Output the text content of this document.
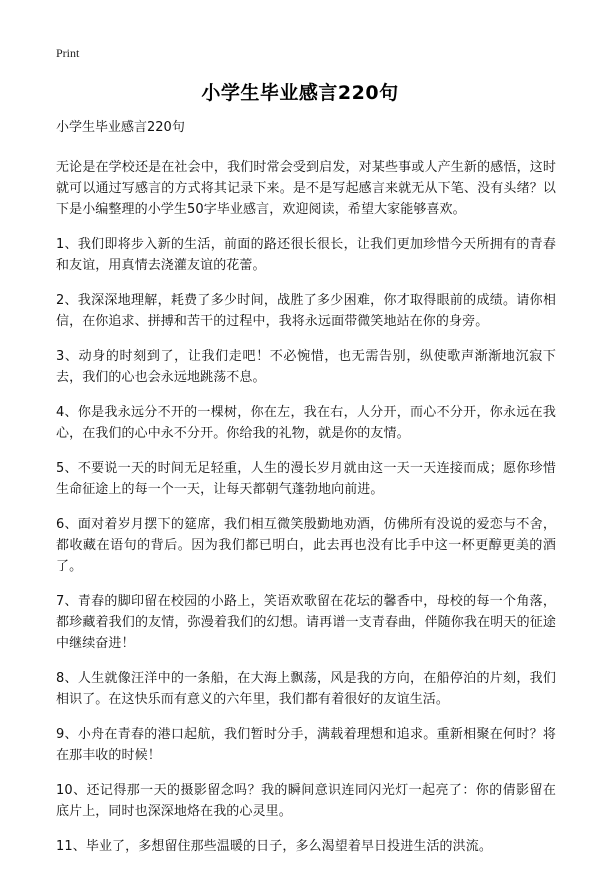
Print
小学生毕业感言220句

小学生毕业感言220句

无论是在学校还是在社会中，我们时常会受到启发，对某些事或人产生新的感悟，这时就可以通过写感言的方式将其记录下来。是不是写起感言来就无从下笔、没有头绪？以下是小编整理的小学生50字毕业感言，欢迎阅读，希望大家能够喜欢。

1、我们即将步入新的生活，前面的路还很长很长，让我们更加珍惜今天所拥有的青春和友谊，用真情去浇灌友谊的花蕾。

2、我深深地理解，耗费了多少时间，战胜了多少困难，你才取得眼前的成绩。请你相信，在你追求、拼搏和苦干的过程中，我将永远面带微笑地站在你的身旁。

3、动身的时刻到了，让我们走吧！不必惋惜，也无需告别，纵使歌声渐渐地沉寂下去，我们的心也会永远地跳荡不息。

4、你是我永远分不开的一棵树，你在左，我在右，人分开，而心不分开，你永远在我心，在我们的心中永不分开。你给我的礼物，就是你的友情。

5、不要说一天的时间无足轻重，人生的漫长岁月就由这一天一天连接而成；愿你珍惜生命征途上的每一个一天，让每天都朝气蓬勃地向前进。

6、面对着岁月摆下的筵席，我们相互微笑殷勤地劝酒，仿佛所有没说的爱恋与不舍，都收藏在语句的背后。因为我们都已明白，此去再也没有比手中这一杯更醇更美的酒了。

7、青春的脚印留在校园的小路上，笑语欢歌留在花坛的馨香中，母校的每一个角落，都珍藏着我们的友情，弥漫着我们的幻想。请再谱一支青春曲，伴随你我在明天的征途中继续奋进！

8、人生就像汪洋中的一条船，在大海上飘荡，风是我的方向，在船停泊的片刻，我们相识了。在这快乐而有意义的六年里，我们都有着很好的友谊生活。

9、小舟在青春的港口起航，我们暂时分手，满载着理想和追求。重新相聚在何时？将在那丰收的时候！

10、还记得那一天的摄影留念吗？我的瞬间意识连同闪光灯一起亮了：你的倩影留在底片上，同时也深深地烙在我的心灵里。

11、毕业了，多想留住那些温暖的日子，多么渴望着早日投进生活的洪流。
